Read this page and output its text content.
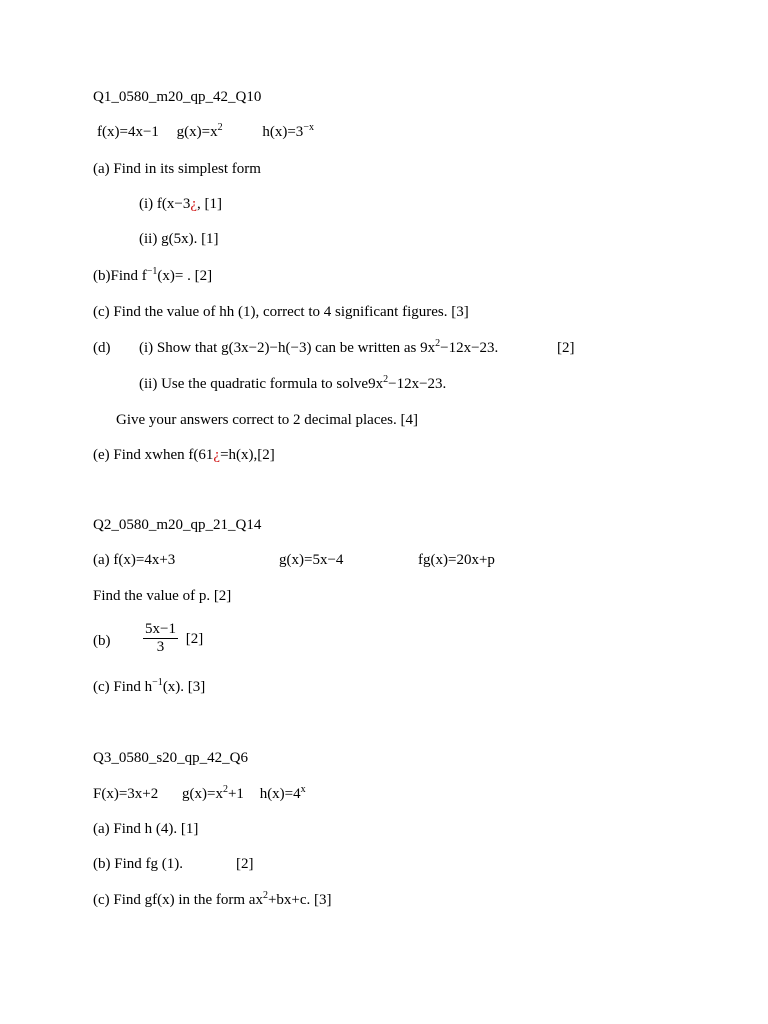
Q1_0580_m20_qp_42_Q10
f(x)=4x−1 $g(x)=x^2$	$h(x)=3^{-x}$
(a) Find in its simplest form
(i) f(x−3¿, [1]
(ii) g(5x). [1]
(b)Find $f^{-1}(x)=$ . [2]
(c) Find the value of hh (1), correct to 4 significant figures. [3]
(d) (i) Show that g(3x−2)−h(−3) can be written as $9x^2-12x-23$.	[2]
(ii) Use the quadratic formula to $solve9x^2-12x-23$.
Give your answers correct to 2 decimal places. [4]
(e) Find xwhen f(61¿=h(x),[2]
Q2_0580_m20_qp_21_Q14
(a) f(x)=4x+3	g(x)=5x−4	fg(x)=20x+p
Find the value of p. [2]
$(b) \frac{5x-1}{3} [2]$
(c) Find $h^{-1}(x)$. [3]
Q3_0580_s20_qp_42_Q6
F(x)=3x+2 $g(x)=x^2+1$ $h(x)=4^x$
(a) Find h (4). [1]
(b) Find fg (1).	[2]
(c) Find gf(x) in the form $ax^2+bx+c$. [3]
